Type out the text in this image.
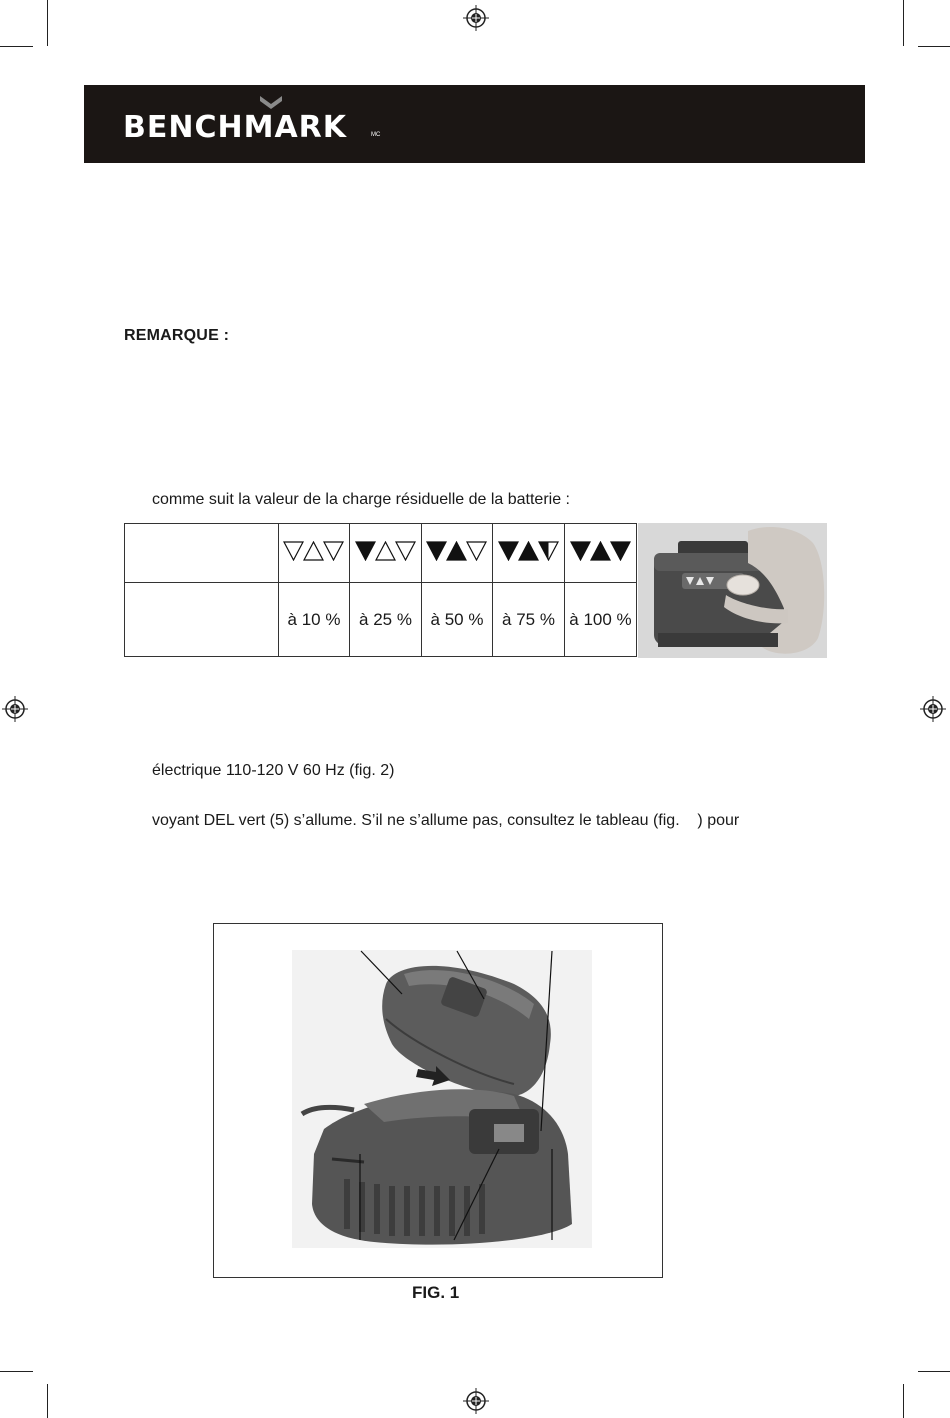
BENCHMARK	MC
REMARQUE :
comme suit la valeur de la charge résiduelle de la batterie :

	à 10 %	à 25 %	à 50 %	à 75 %	à 100 %
électrique 110-120 V 60 Hz (fig. 2)
voyant DEL vert (5) s’allume. S’il ne s’allume pas, consultez le tableau (fig.    ) pour
FIG. 1
